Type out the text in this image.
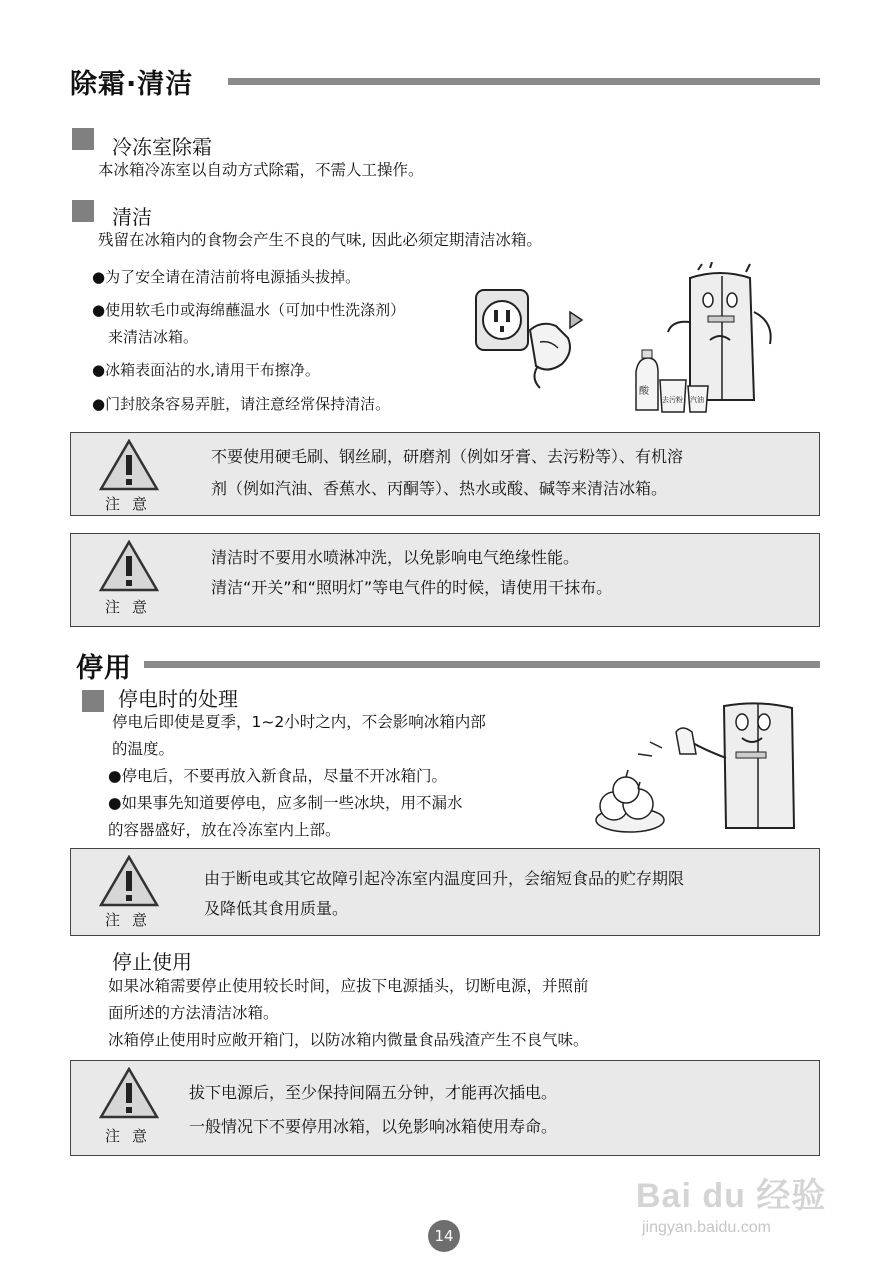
除霜·清洁
冷冻室除霜
本冰箱冷冻室以自动方式除霜，不需人工操作。
清洁
残留在冰箱内的食物会产生不良的气味, 因此必须定期清洁冰箱。
●为了安全请在清洁前将电源插头拔掉。
●使用软毛巾或海绵蘸温水（可加中性洗涤剂）
来清洁冰箱。
●冰箱表面沾的水,请用干布擦净。
●门封胶条容易弄脏，请注意经常保持清洁。
酸
去污粉 汽油
注意
不要使用硬毛刷、钢丝刷，研磨剂（例如牙膏、去污粉等）、有机溶
剂（例如汽油、香蕉水、丙酮等）、热水或酸、碱等来清洁冰箱。
注意
清洁时不要用水喷淋冲洗，以免影响电气绝缘性能。
清洁“开关”和“照明灯”等电气件的时候，请使用干抹布。
停用
停电时的处理
停电后即使是夏季，1~2小时之内，不会影响冰箱内部
的温度。
●停电后，不要再放入新食品，尽量不开冰箱门。
●如果事先知道要停电，应多制一些冰块，用不漏水
的容器盛好，放在冷冻室内上部。
注意
由于断电或其它故障引起冷冻室内温度回升，会缩短食品的贮存期限
及降低其食用质量。
停止使用
如果冰箱需要停止使用较长时间，应拔下电源插头，切断电源，并照前
面所述的方法清洁冰箱。
冰箱停止使用时应敞开箱门，以防冰箱内微量食品残渣产生不良气味。
注意
拔下电源后，至少保持间隔五分钟，才能再次插电。
一般情况下不要停用冰箱，以免影响冰箱使用寿命。
Bai du 经验
jingyan.baidu.com
14
